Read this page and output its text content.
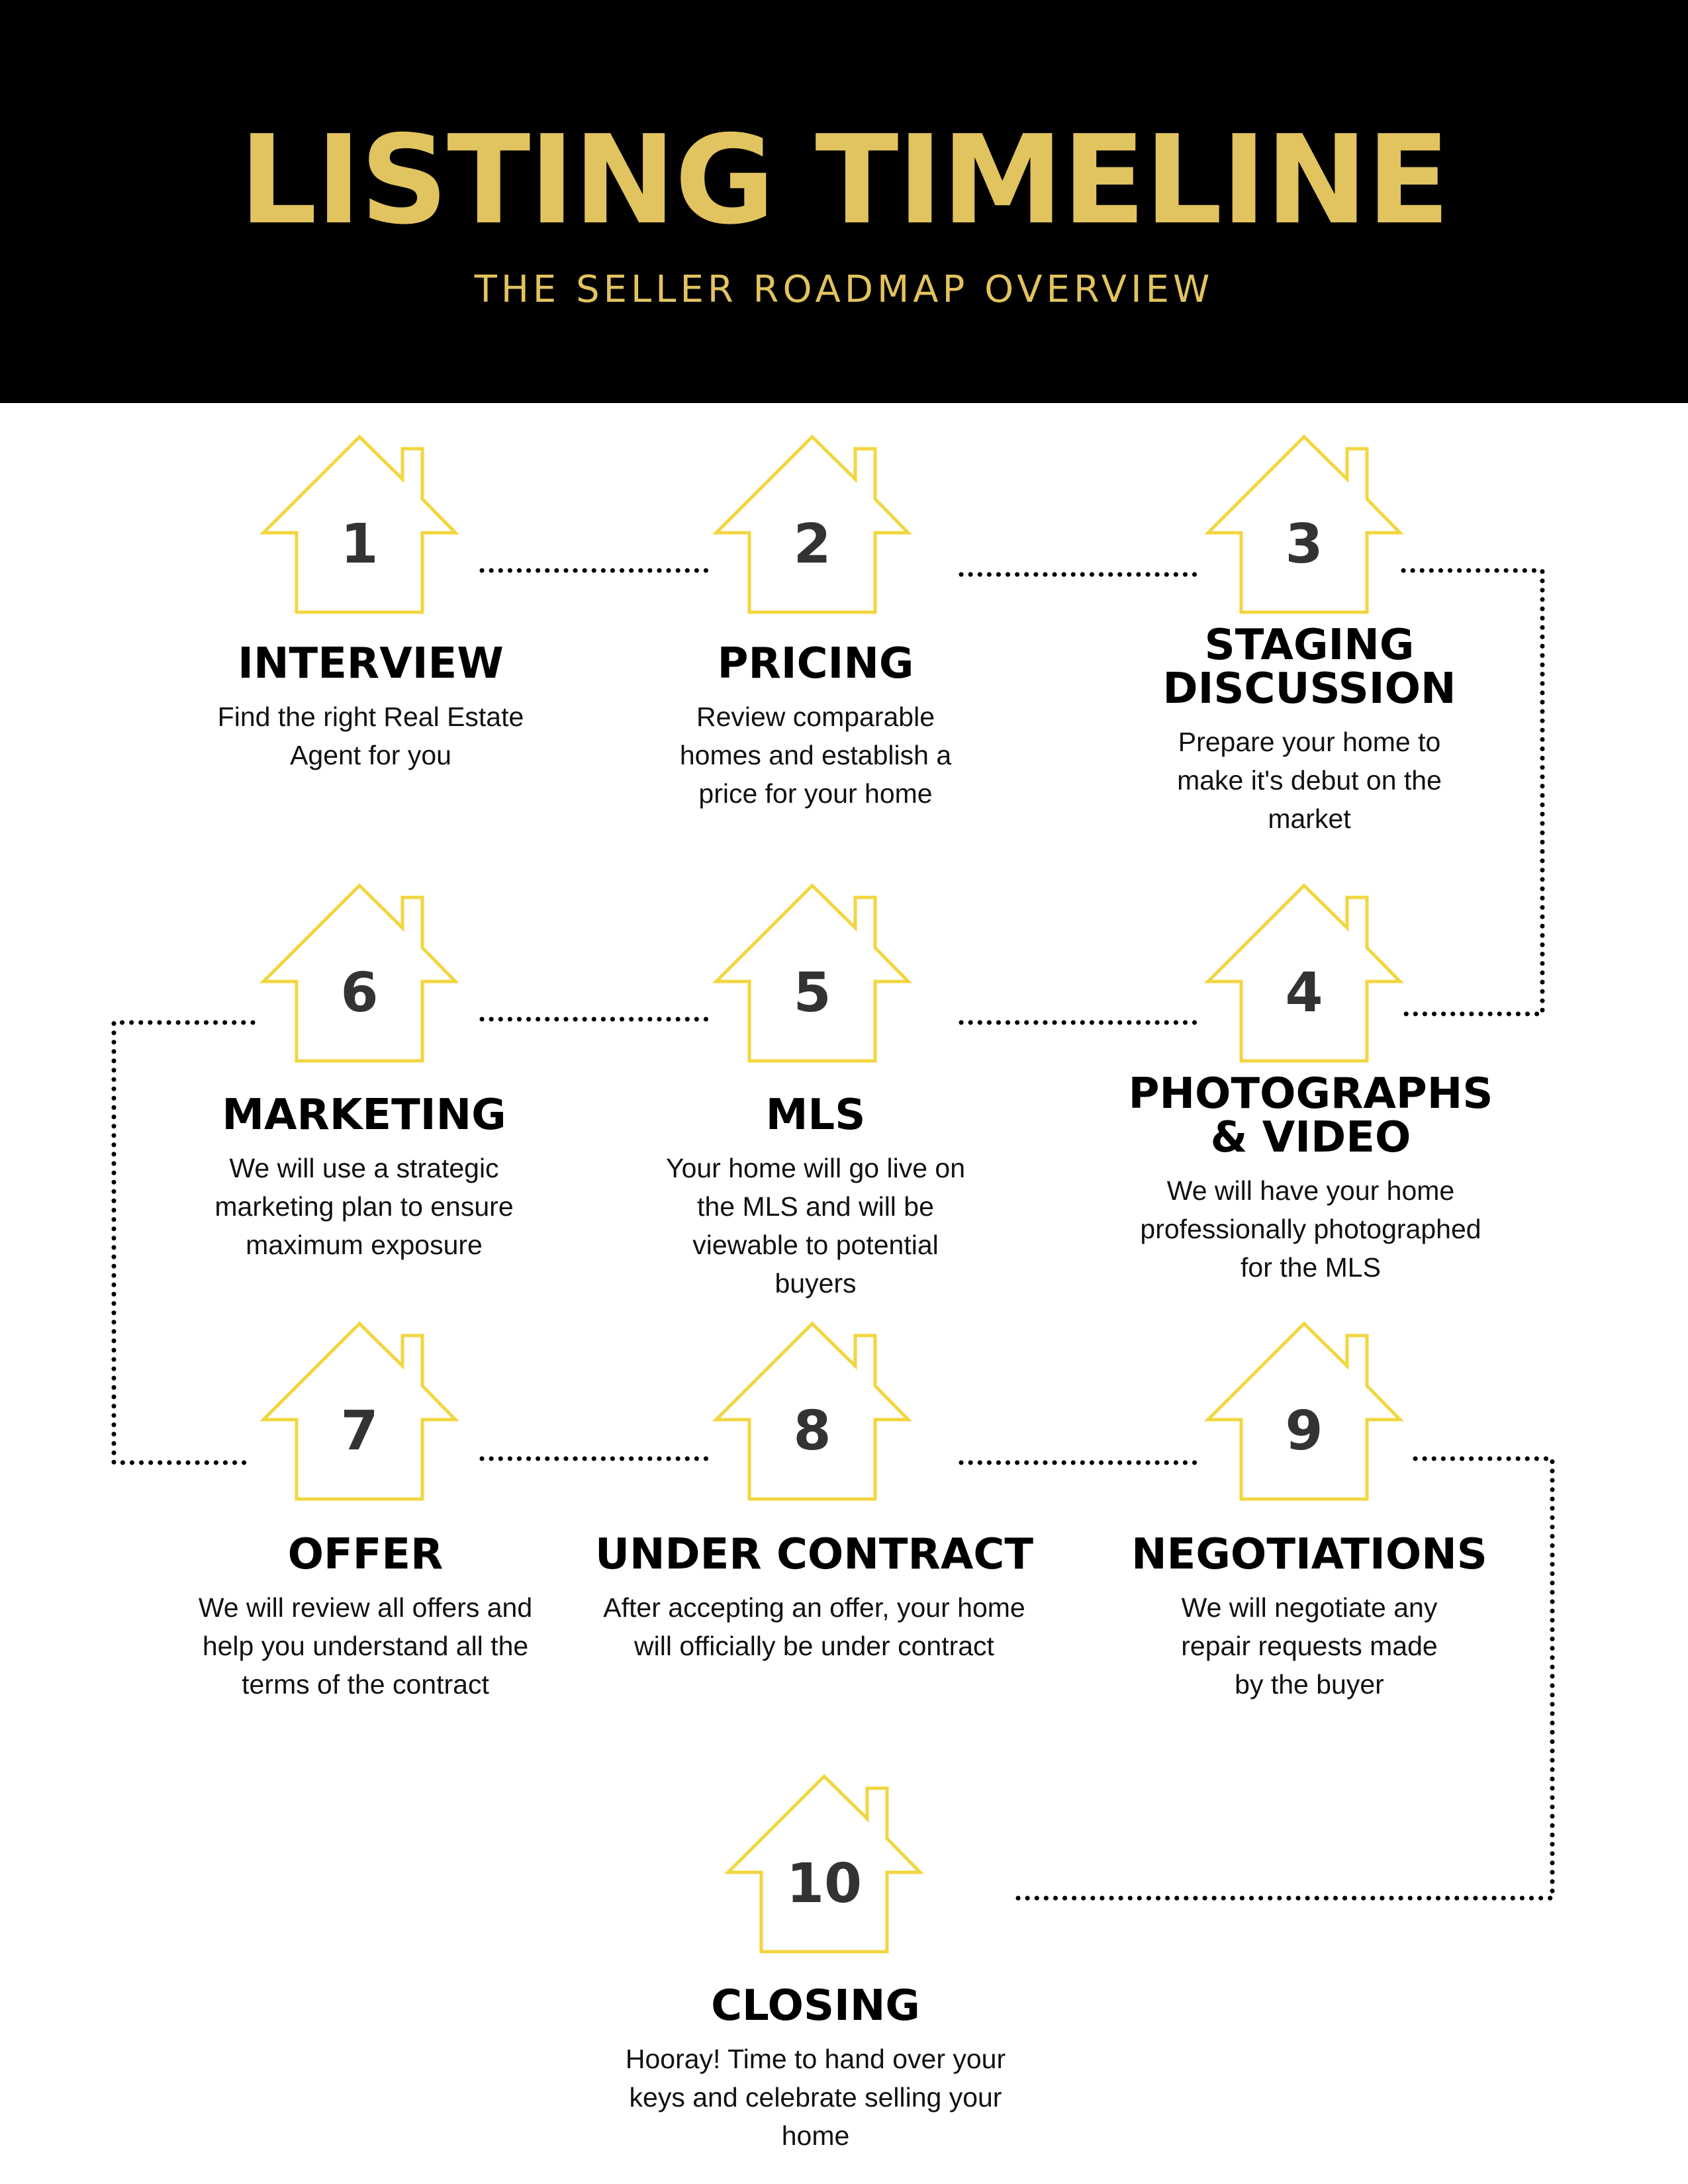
LISTING TIMELINE
THE SELLER ROADMAP OVERVIEW
1
INTERVIEW
Find the right Real Estate Agent for you
2
PRICING
Review comparable homes and establish a price for your home
3
STAGING DISCUSSION
Prepare your home to make it's debut on the market
4
PHOTOGRAPHS & VIDEO
We will have your home professionally photographed for the MLS
5
MLS
Your home will go live on the MLS and will be viewable to potential buyers
6
MARKETING
We will use a strategic marketing plan to ensure maximum exposure
7
OFFER
We will review all offers and help you understand all the terms of the contract
8
UNDER CONTRACT
After accepting an offer, your home will officially be under contract
9
NEGOTIATIONS
We will negotiate any repair requests made by the buyer
10
CLOSING
Hooray! Time to hand over your keys and celebrate selling your home
